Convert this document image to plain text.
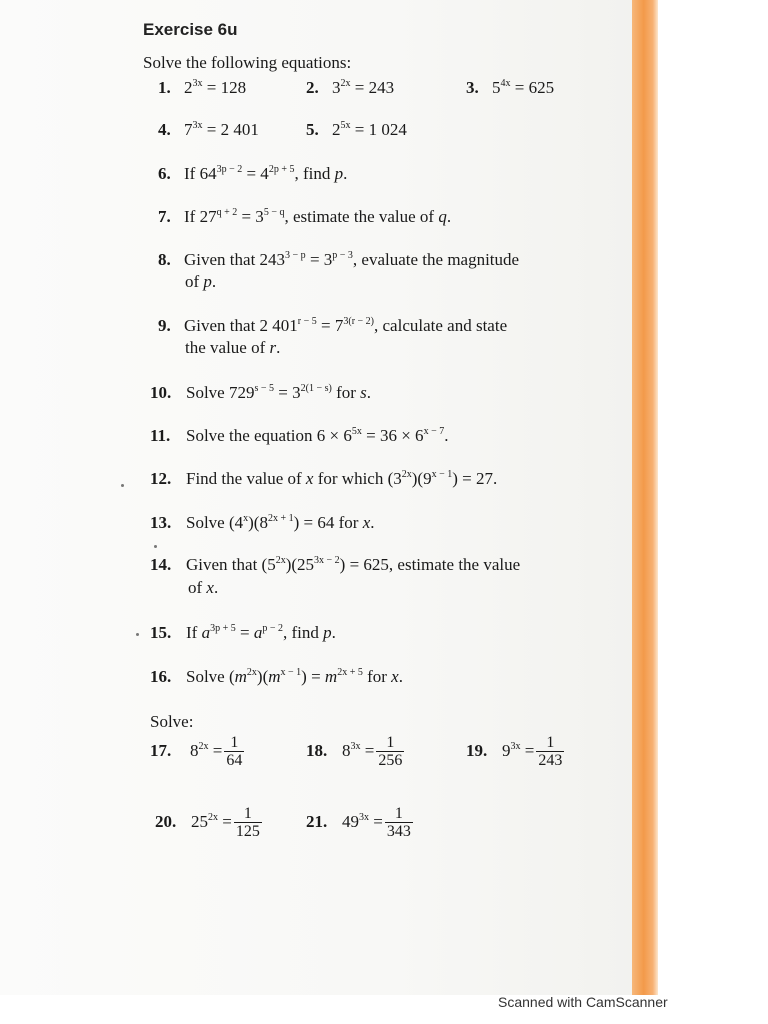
Exercise 6u
Solve the following equations:
1. $2^{3x} = 128$	2. $3^{2x} = 243$	3. $5^{4x} = 625$
4. $7^{3x} = 2$ 401	5. $2^{5x} = 1$ 024
6. If $64^{3p - 2} = 4^{2p + 5}$, find p.
7. If $27^{q + 2} = 3^{5 - q}$, estimate the value of q.
8. Given that $243^{3 - p} = 3^{p - 3}$, evaluate the magnitude
of p.
9. Given that 2 $401^{r - 5} = 7^{3(r - 2)}$, calculate and state
the value of r.
10. Solve $729^{s - 5} = 3^{2(1 - s)}$ for s.
11. Solve the equation $6 \times 6^{5x} = 36 \times 6^{x - 7}$.
12. Find the value of x for which $(3^{2x})(9^{x - 1}) = 27$.
13. Solve $(4^x)(8^{2x + 1}) = 64$ for x.
14. Given that $(5^{2x})(25^{3x - 2}) = 625$, estimate the value
of x.
15. If $a^{3p + 5} = a^{p - 2}$, find p.
16. Solve $(m^{2x})(m^{x - 1}) = m^{2x + 5}$ for x.
Solve:
17. $8^{2x} = \frac{1}{64}$	18. $8^{3x} = \frac{1}{256}$	19. $9^{3x} = \frac{1}{243}$
20. $25^{2x} = \frac{1}{125}$	21. $49^{3x} = \frac{1}{343}$
Scanned with CamScanner
